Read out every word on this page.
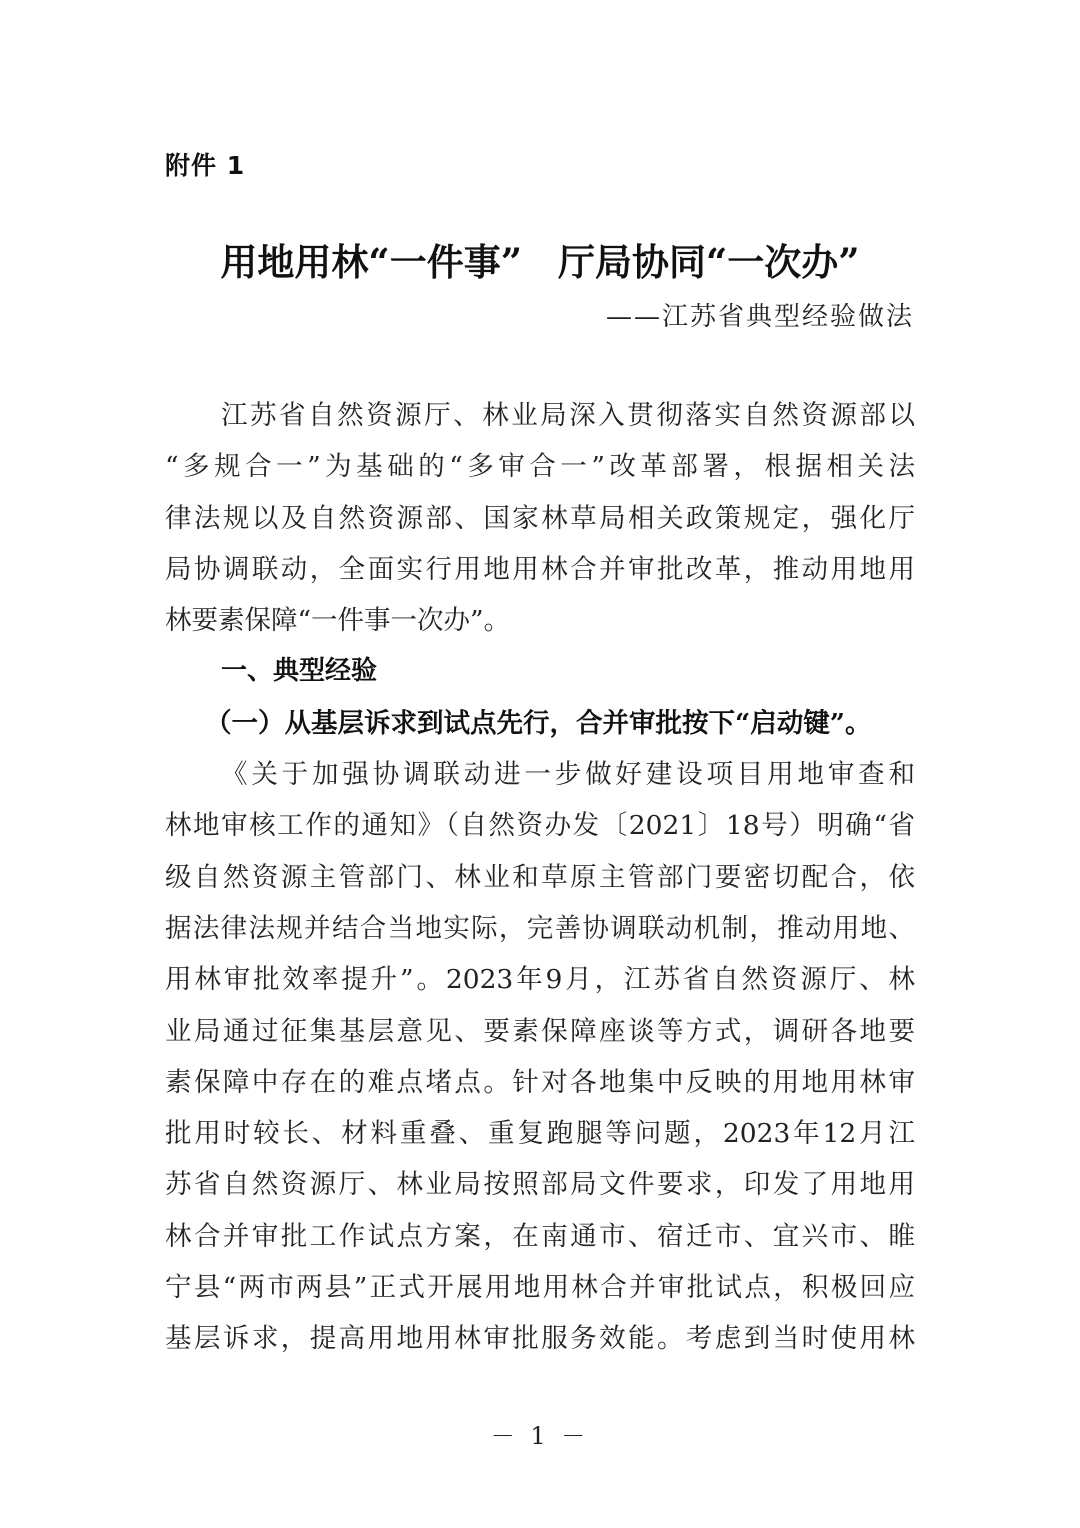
附件 1
用地用林“一件事” 厅局协同“一次办”
——江苏省典型经验做法
江苏省自然资源厅、林业局深入贯彻落实自然资源部以
“多规合一”为基础的“多审合一”改革部署，根据相关法
律法规以及自然资源部、国家林草局相关政策规定，强化厅
局协调联动，全面实行用地用林合并审批改革，推动用地用
林要素保障“一件事一次办”。
一、典型经验
（一）从基层诉求到试点先行，合并审批按下“启动键”。
《关于加强协调联动进一步做好建设项目用地审查和
林地审核工作的通知》（自然资办发〔2021〕18号）明确“省
级自然资源主管部门、林业和草原主管部门要密切配合，依
据法律法规并结合当地实际，完善协调联动机制，推动用地、
用林审批效率提升”。2023年9月，江苏省自然资源厅、林
业局通过征集基层意见、要素保障座谈等方式，调研各地要
素保障中存在的难点堵点。针对各地集中反映的用地用林审
批用时较长、材料重叠、重复跑腿等问题，2023年12月江
苏省自然资源厅、林业局按照部局文件要求，印发了用地用
林合并审批工作试点方案，在南通市、宿迁市、宜兴市、睢
宁县“两市两县”正式开展用地用林合并审批试点，积极回应
基层诉求，提高用地用林审批服务效能。考虑到当时使用林
－ 1 －
